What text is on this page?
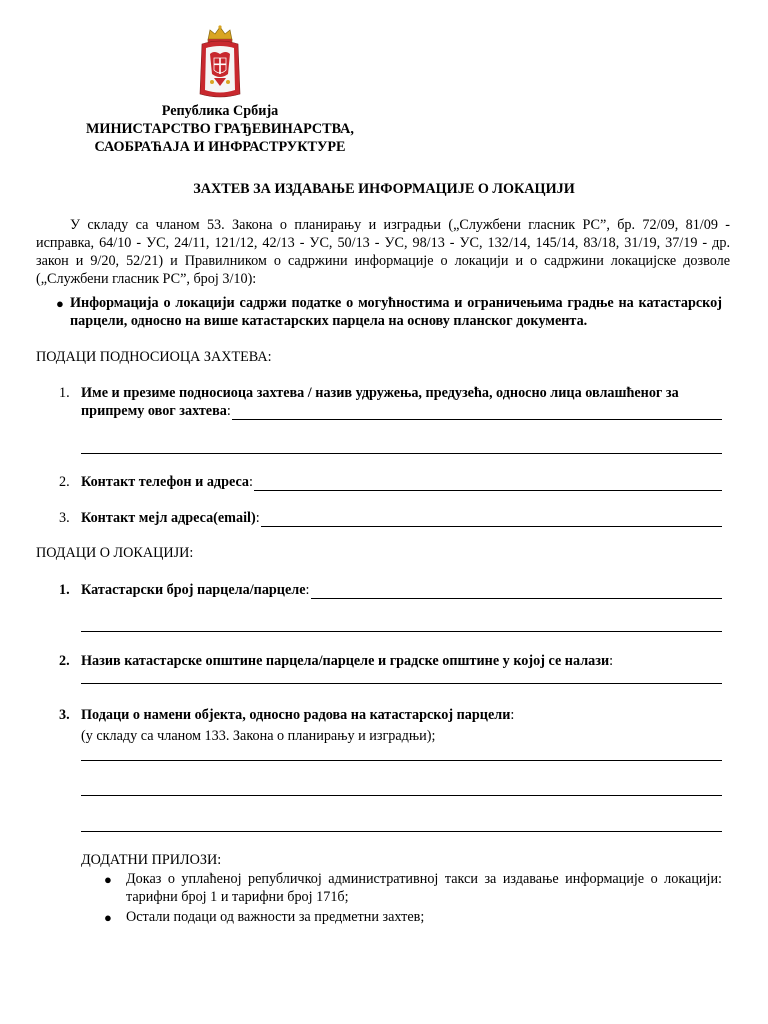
Република Србија
МИНИСТАРСТВО ГРАЂЕВИНАРСТВА,
САОБРАЋАЈА И ИНФРАСТРУКТУРЕ
ЗАХТЕВ ЗА ИЗДАВАЊЕ ИНФОРМАЦИЈЕ О ЛОКАЦИЈИ
У складу са чланом 53. Закона о планирању и изградњи („Службени гласник РС”, бр. 72/09, 81/09 - исправка, 64/10 - УС, 24/11, 121/12, 42/13 - УС, 50/13 - УС, 98/13 - УС, 132/14, 145/14, 83/18, 31/19, 37/19 - др. закон и 9/20, 52/21) и Правилником о садржини информације о локацији и о садржини локацијске дозволе („Службени гласник РС”, број 3/10):
● Информација о локацији садржи податке о могућностима и ограничењима градње на катастарској парцели, односно на више катастарских парцела на основу планског документа.
ПОДАЦИ ПОДНОСИОЦА ЗАХТЕВА:
1. Име и презиме подносиоца захтева / назив удружења, предузећа, односно лица овлашћеног за
припрему овог захтева :
2. Контакт телефон и адреса :
3. Контакт мејл адреса(email) :
ПОДАЦИ О ЛОКАЦИЈИ:
1. Катастарски број парцела/парцеле :
2. Назив катастарске општине парцела/парцеле и градске општине у којој се налази :
3. Подаци о намени објекта, односно радова на катастарској парцели :
(у складу са чланом 133. Закона о планирању и изградњи);
ДОДАТНИ ПРИЛОЗИ:
● Доказ о уплаћеној републичкој административној такси за издавање информације о локацији: тарифни број 1 и тарифни број 171б;
● Остали подаци од важности за предметни захтев;
